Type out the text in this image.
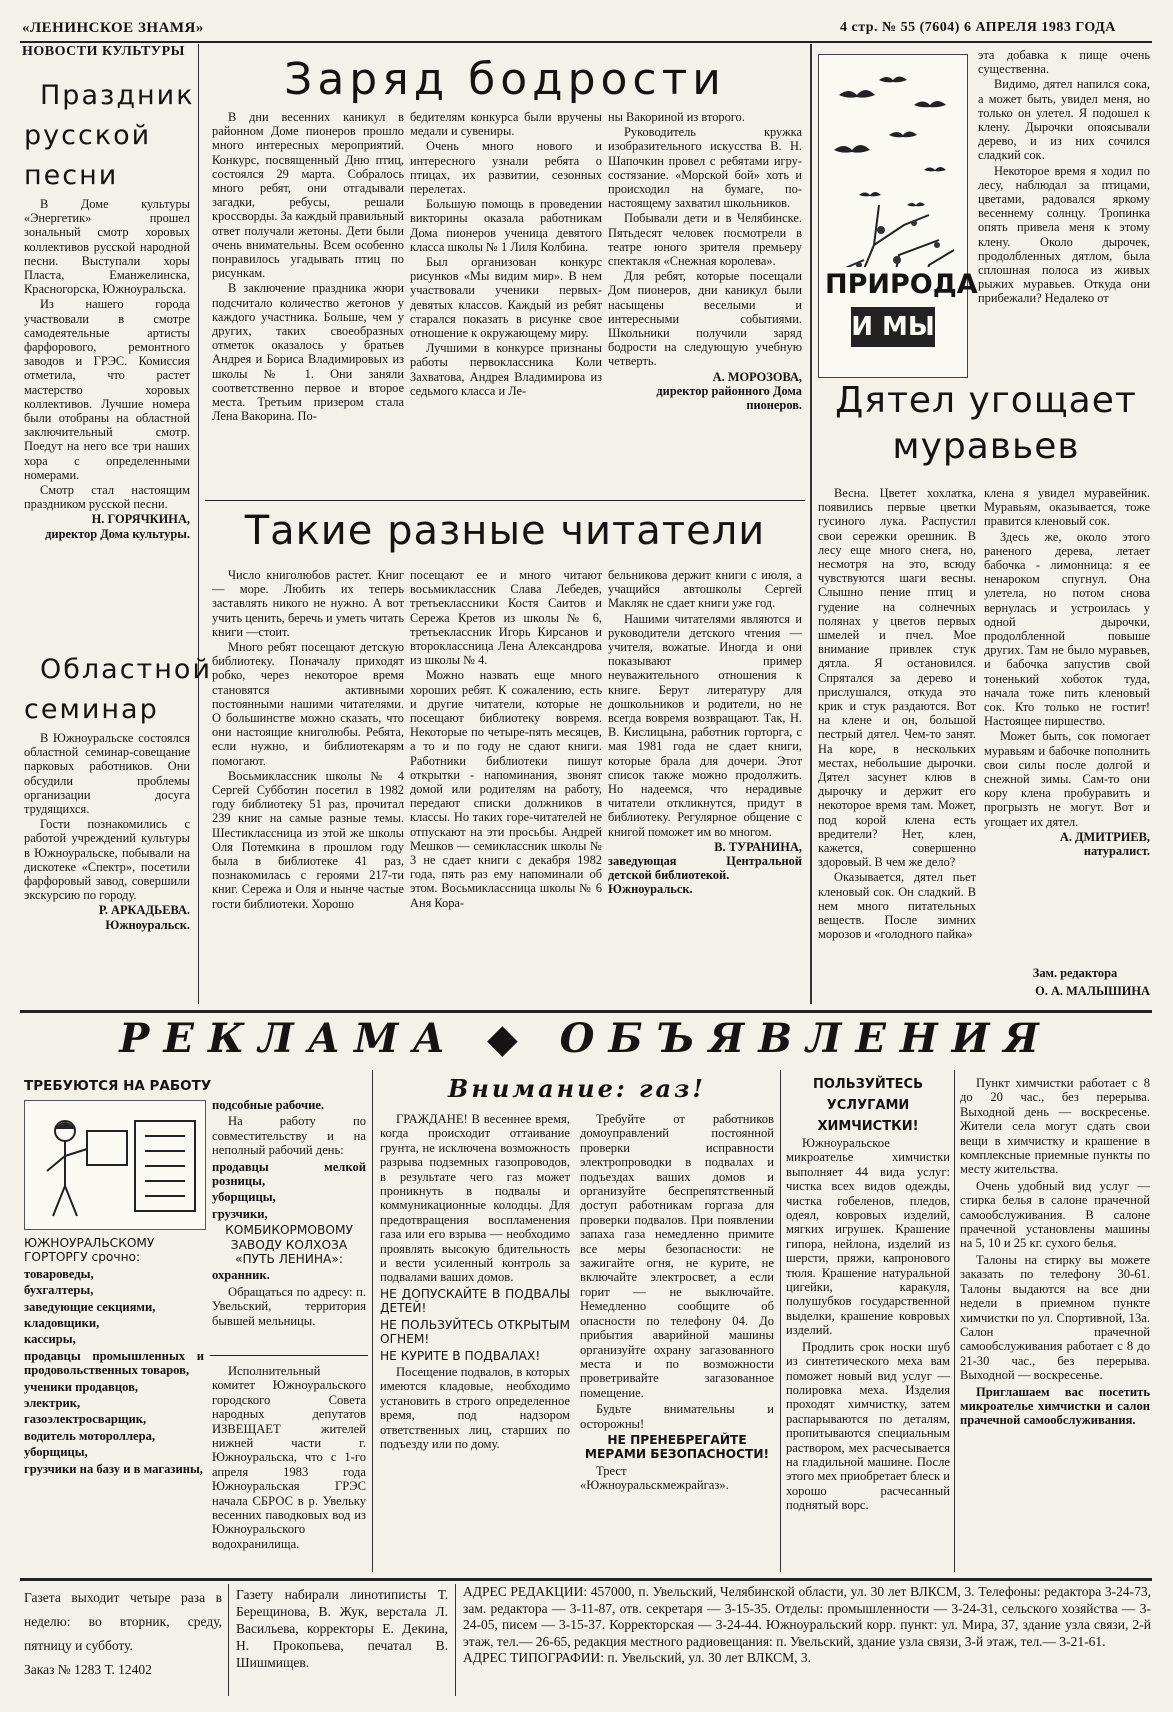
«ЛЕНИНСКОЕ ЗНАМЯ»	4 стр. № 55 (7604) 6 АПРЕЛЯ 1983 ГОДА
НОВОСТИ КУЛЬТУРЫ

Праздник русской песни

В Доме культуры «Энергетик» прошел зональный смотр хоровых коллективов русской народной песни. Выступали хоры Пласта, Еманжелинска, Красногорска, Южноуральска.

Из нашего города участвовали в смотре самодеятельные артисты фарфорового, ремонтного заводов и ГРЭС. Комиссия отметила, что растет мастерство хоровых коллективов. Лучшие номера были отобраны на областной заключительный смотр. Поедут на него все три наших хора с определенными номерами.

Смотр стал настоящим праздником русской песни.

Н. ГОРЯЧКИНА,
директор Дома культуры.

Областной семинар

В Южноуральске состоялся областной семинар-совещание парковых работников. Они обсудили проблемы организации досуга трудящихся.

Гости познакомились с работой учреждений культуры в Южноуральске, побывали на дискотеке «Спектр», посетили фарфоровый завод, совершили экскурсию по городу.

Р. АРКАДЬЕВА.
Южноуральск.
Заряд бодрости

В дни весенних каникул в районном Доме пионеров прошло много интересных мероприятий. Конкурс, посвященный Дню птиц, состоялся 29 марта. Собралось много ребят, они отгадывали загадки, ребусы, решали кроссворды. За каждый правильный ответ получали жетоны. Дети были очень внимательны. Всем особенно понравилось угадывать птиц по рисункам.

В заключение праздника жюри подсчитало количество жетонов у каждого участника. Больше, чем у других, таких своеобразных отметок оказалось у братьев Андрея и Бориса Владимировых из школы № 1. Они заняли соответственно первое и второе места. Третьим призером стала Лена Вакорина. По-

бедителям конкурса были вручены медали и сувениры.

Очень много нового и интересного узнали ребята о птицах, их развитии, сезонных перелетах.

Большую помощь в проведении викторины оказала работникам Дома пионеров ученица девятого класса школы № 1 Лиля Колбина.

Был организован конкурс рисунков «Мы видим мир». В нем участвовали ученики первых-девятых классов. Каждый из ребят старался показать в рисунке свое отношение к окружающему миру.

Лучшими в конкурсе признаны работы первоклассника Коли Захватова, Андрея Владимирова из седьмого класса и Ле-

ны Вакориной из второго.

Руководитель кружка изобразительного искусства В. Н. Шапочкин провел с ребятами игру-состязание. «Морской бой» хоть и происходил на бумаге, по-настоящему захватил школьников.

Побывали дети и в Челябинске. Пятьдесят человек посмотрели в театре юного зрителя премьеру спектакля «Снежная королева».

Для ребят, которые посещали Дом пионеров, дни каникул были насыщены веселыми и интересными событиями. Школьники получили заряд бодрости на следующую учебную четверть.

А. МОРОЗОВА,
директор районного Дома пионеров.
Такие разные читатели

Число книголюбов растет. Книг — море. Любить их теперь заставлять никого не нужно. А вот учить ценить, беречь и уметь читать книги —стоит.

Много ребят посещают детскую библиотеку. Поначалу приходят робко, через некоторое время становятся активными постоянными нашими читателями. О большинстве можно сказать, что они настоящие книголюбы. Ребята, если нужно, и библиотекарям помогают.

Восьмиклассник школы № 4 Сергей Субботин посетил в 1982 году библиотеку 51 раз, прочитал 239 книг на самые разные темы. Шестиклассница из этой же школы Оля Потемкина в прошлом году была в библиотеке 41 раз, познакомилась с героями 217-ти книг. Сережа и Оля и нынче частые гости библиотеки. Хорошо

посещают ее и много читают восьмиклассник Слава Лебедев, третьеклассники Костя Саитов и Сережа Кретов из школы № 6, третьеклассник Игорь Кирсанов и второклассница Лена Александрова из школы № 4.

Можно назвать еще много хороших ребят. К сожалению, есть и другие читатели, которые не посещают библиотеку вовремя. Некоторые по четыре-пять месяцев, а то и по году не сдают книги. Работники библиотеки пишут открытки - напоминания, звонят домой или родителям на работу, передают списки должников в классы. Но таких горе-читателей не отпускают на эти просьбы. Андрей Мешков — семиклассник школы № 3 не сдает книги с декабря 1982 года, пять раз ему напоминали об этом. Восьмиклассница школы № 6 Аня Кора-

бельникова держит книги с июля, а учащийся автошколы Сергей Макляк не сдает книги уже год.

Нашими читателями являются и руководители детского чтения — учителя, вожатые. Иногда и они показывают пример неуважительного отношения к книге. Берут литературу для дошкольников и родители, но не всегда вовремя возвращают. Так, Н. В. Кислицына, работник горторга, с мая 1981 года не сдает книги, которые брала для дочери. Этот список также можно продолжить. Но надеемся, что нерадивые читатели откликнутся, придут в библиотеку. Регулярное общение с книгой поможет им во многом.

В. ТУРАНИНА,
заведующая Центральной детской библиотекой.
Южноуральск.
ПРИРОДА
И МЫ

эта добавка к пище очень существенна.

Видимо, дятел напился сока, а может быть, увидел меня, но только он улетел. Я подошел к клену. Дырочки опоясывали дерево, и из них сочился сладкий сок.

Некоторое время я ходил по лесу, наблюдал за птицами, цветами, радовался яркому весеннему солнцу. Тропинка опять привела меня к этому клену. Около дырочек, продолбленных дятлом, была сплошная полоса из живых рыжих муравьев. Откуда они прибежали? Недалеко от

Дятел угощает муравьев

Весна. Цветет хохлатка, появились первые цветки гусиного лука. Распустил свои сережки орешник. В лесу еще много снега, но, несмотря на это, всюду чувствуются шаги весны. Слышно пение птиц и гудение на солнечных полянах у цветов первых шмелей и пчел. Мое внимание привлек стук дятла. Я остановился. Спрятался за дерево и прислушался, откуда это крик и стук раздаются. Вот на клене и он, большой пестрый дятел. Чем-то занят. На коре, в нескольких местах, небольшие дырочки. Дятел засунет клюв в дырочку и держит его некоторое время там. Может, под корой клена есть вредители? Нет, клен, кажется, совершенно здоровый. В чем же дело?

Оказывается, дятел пьет кленовый сок. Он сладкий. В нем много питательных веществ. После зимних морозов и «голодного пайка»

клена я увидел муравейник. Муравьям, оказывается, тоже правится кленовый сок.

Здесь же, около этого раненого дерева, летает бабочка - лимонница: я ее ненароком спугнул. Она улетела, но потом снова вернулась и устроилась у одной дырочки, продолбленной повыше других. Там не было муравьев, и бабочка запустив свой тоненький хоботок туда, начала тоже пить кленовый сок. Кто только не гостит! Настоящее пиршество.

Может быть, сок помогает муравьям и бабочке пополнить свои силы после долгой и снежной зимы. Сам-то они кору клена пробуравить и прогрызть не могут. Вот и угощает их дятел.

А. ДМИТРИЕВ,
натуралист.
Зам. редактора
О. А. МАЛЫШИНА
РЕКЛАМА ◆ ОБЪЯВЛЕНИЯ
ТРЕБУЮТСЯ НА РАБОТУ

ЮЖНОУРАЛЬСКОМУ ГОРТОРГУ срочно:

товароведы,

бухгалтеры,

заведующие секциями,

кладовщики,

кассиры,

продавцы промышленных и продовольственных товаров,

ученики продавцов,

электрик,

газоэлектросварщик,

водитель мотороллера,

уборщицы,

грузчики на базу и в магазины,

подсобные рабочие.

На работу по совместительству и на неполный рабочий день:

продавцы мелкой розницы,

уборщицы,

грузчики,

КОМБИКОРМОВОМУ ЗАВОДУ КОЛХОЗА «ПУТЬ ЛЕНИНА»:

охранник.

Обращаться по адресу: п. Увельский, территория бывшей мельницы.

Исполнительный комитет Южноуральского городского Совета народных депутатов ИЗВЕЩАЕТ жителей нижней части г. Южноуральска, что с 1-го апреля 1983 года Южноуральская ГРЭС начала СБРОС в р. Увельку весенних паводковых вод из Южноуральского водохранилища.

Внимание: газ!

ГРАЖДАНЕ! В весеннее время, когда происходит оттаивание грунта, не исключена возможность разрыва подземных газопроводов, в результате чего газ может проникнуть в подвалы и коммуникационные колодцы. Для предотвращения воспламенения газа или его взрыва — необходимо проявлять высокую бдительность и вести усиленный контроль за подвалами ваших домов.

НЕ ДОПУСКАЙТЕ В ПОДВАЛЫ ДЕТЕЙ!

НЕ ПОЛЬЗУЙТЕСЬ ОТКРЫТЫМ ОГНЕМ!

НЕ КУРИТЕ В ПОДВАЛАХ!

Посещение подвалов, в которых имеются кладовые, необходимо установить в строго определенное время, под надзором ответственных лиц, старших по подъезду или по дому.

Требуйте от работников домоуправлений постоянной проверки исправности электропроводки в подвалах и подъездах ваших домов и организуйте беспрепятственный доступ работникам горгаза для проверки подвалов. При появлении запаха газа немедленно примите все меры безопасности: не зажигайте огня, не курите, не включайте электросвет, а если горит — не выключайте. Немедленно сообщите об опасности по телефону 04. До прибытия аварийной машины организуйте охрану загазованного места и по возможности проветривайте загазованное помещение.

Будьте внимательны и осторожны!

НЕ ПРЕНЕБРЕГАЙТЕ МЕРАМИ БЕЗОПАСНОСТИ!

Трест «Южноуральскмежрайгаз».

ПОЛЬЗУЙТЕСЬ УСЛУГАМИ ХИМЧИСТКИ!

Южноуральское микроателье химчистки выполняет 44 вида услуг: чистка всех видов одежды, чистка гобеленов, пледов, одеял, ковровых изделий, мягких игрушек. Крашение гипора, нейлона, изделий из шерсти, пряжи, капронового тюля. Крашение натуральной цигейки, каракуля, полушубков государственной выделки, крашение ковровых изделий.

Продлить срок носки шуб из синтетического меха вам поможет новый вид услуг — полировка меха. Изделия проходят химчистку, затем распарываются по деталям, пропитываются специальным раствором, мех расчесывается на гладильной машине. После этого мех приобретает блеск и хорошо расчесанный поднятый ворс.

Пункт химчистки работает с 8 до 20 час., без перерыва. Выходной день — воскресенье. Жители села могут сдать свои вещи в химчистку и крашение в комплексные приемные пункты по месту жительства.

Очень удобный вид услуг — стирка белья в салоне прачечной самообслуживания. В салоне прачечной установлены машины на 5, 10 и 25 кг. сухого белья.

Талоны на стирку вы можете заказать по телефону 30-61. Талоны выдаются на все дни недели в приемном пункте химчистки по ул. Спортивной, 13а. Салон прачечной самообслуживания работает с 8 до 21-30 час., без перерыва. Выходной — воскресенье.

Приглашаем вас посетить микроателье химчистки и салон прачечной самообслуживания.

Газета выходит четыре раза в неделю: во вторник, среду, пятницу и субботу.
Заказ № 1283 Т. 12402
Газету набирали линотиписты Т. Берещинова, В. Жук, верстала Л. Васильева, корректоры Е. Декина, Н. Прокопьева, печатал В. Шишмищев.
АДРЕС РЕДАКЦИИ: 457000, п. Увельский, Челябинской области, ул. 30 лет ВЛКСМ, 3. Телефоны: редактора 3-24-73, зам. редактора — 3-11-87, отв. секретаря — 3-15-35. Отделы: промышленности — 3-24-31, сельского хозяйства — 3-24-05, писем — 3-15-37. Корректорская — 3-24-44. Южноуральский корр. пункт: ул. Мира, 37, здание узла связи, 2-й этаж, тел.— 26-65, редакция местного радиовещания: п. Увельский, здание узла связи, 3-й этаж, тел.— 3-21-61.
АДРЕС ТИПОГРАФИИ: п. Увельский, ул. 30 лет ВЛКСМ, 3.
